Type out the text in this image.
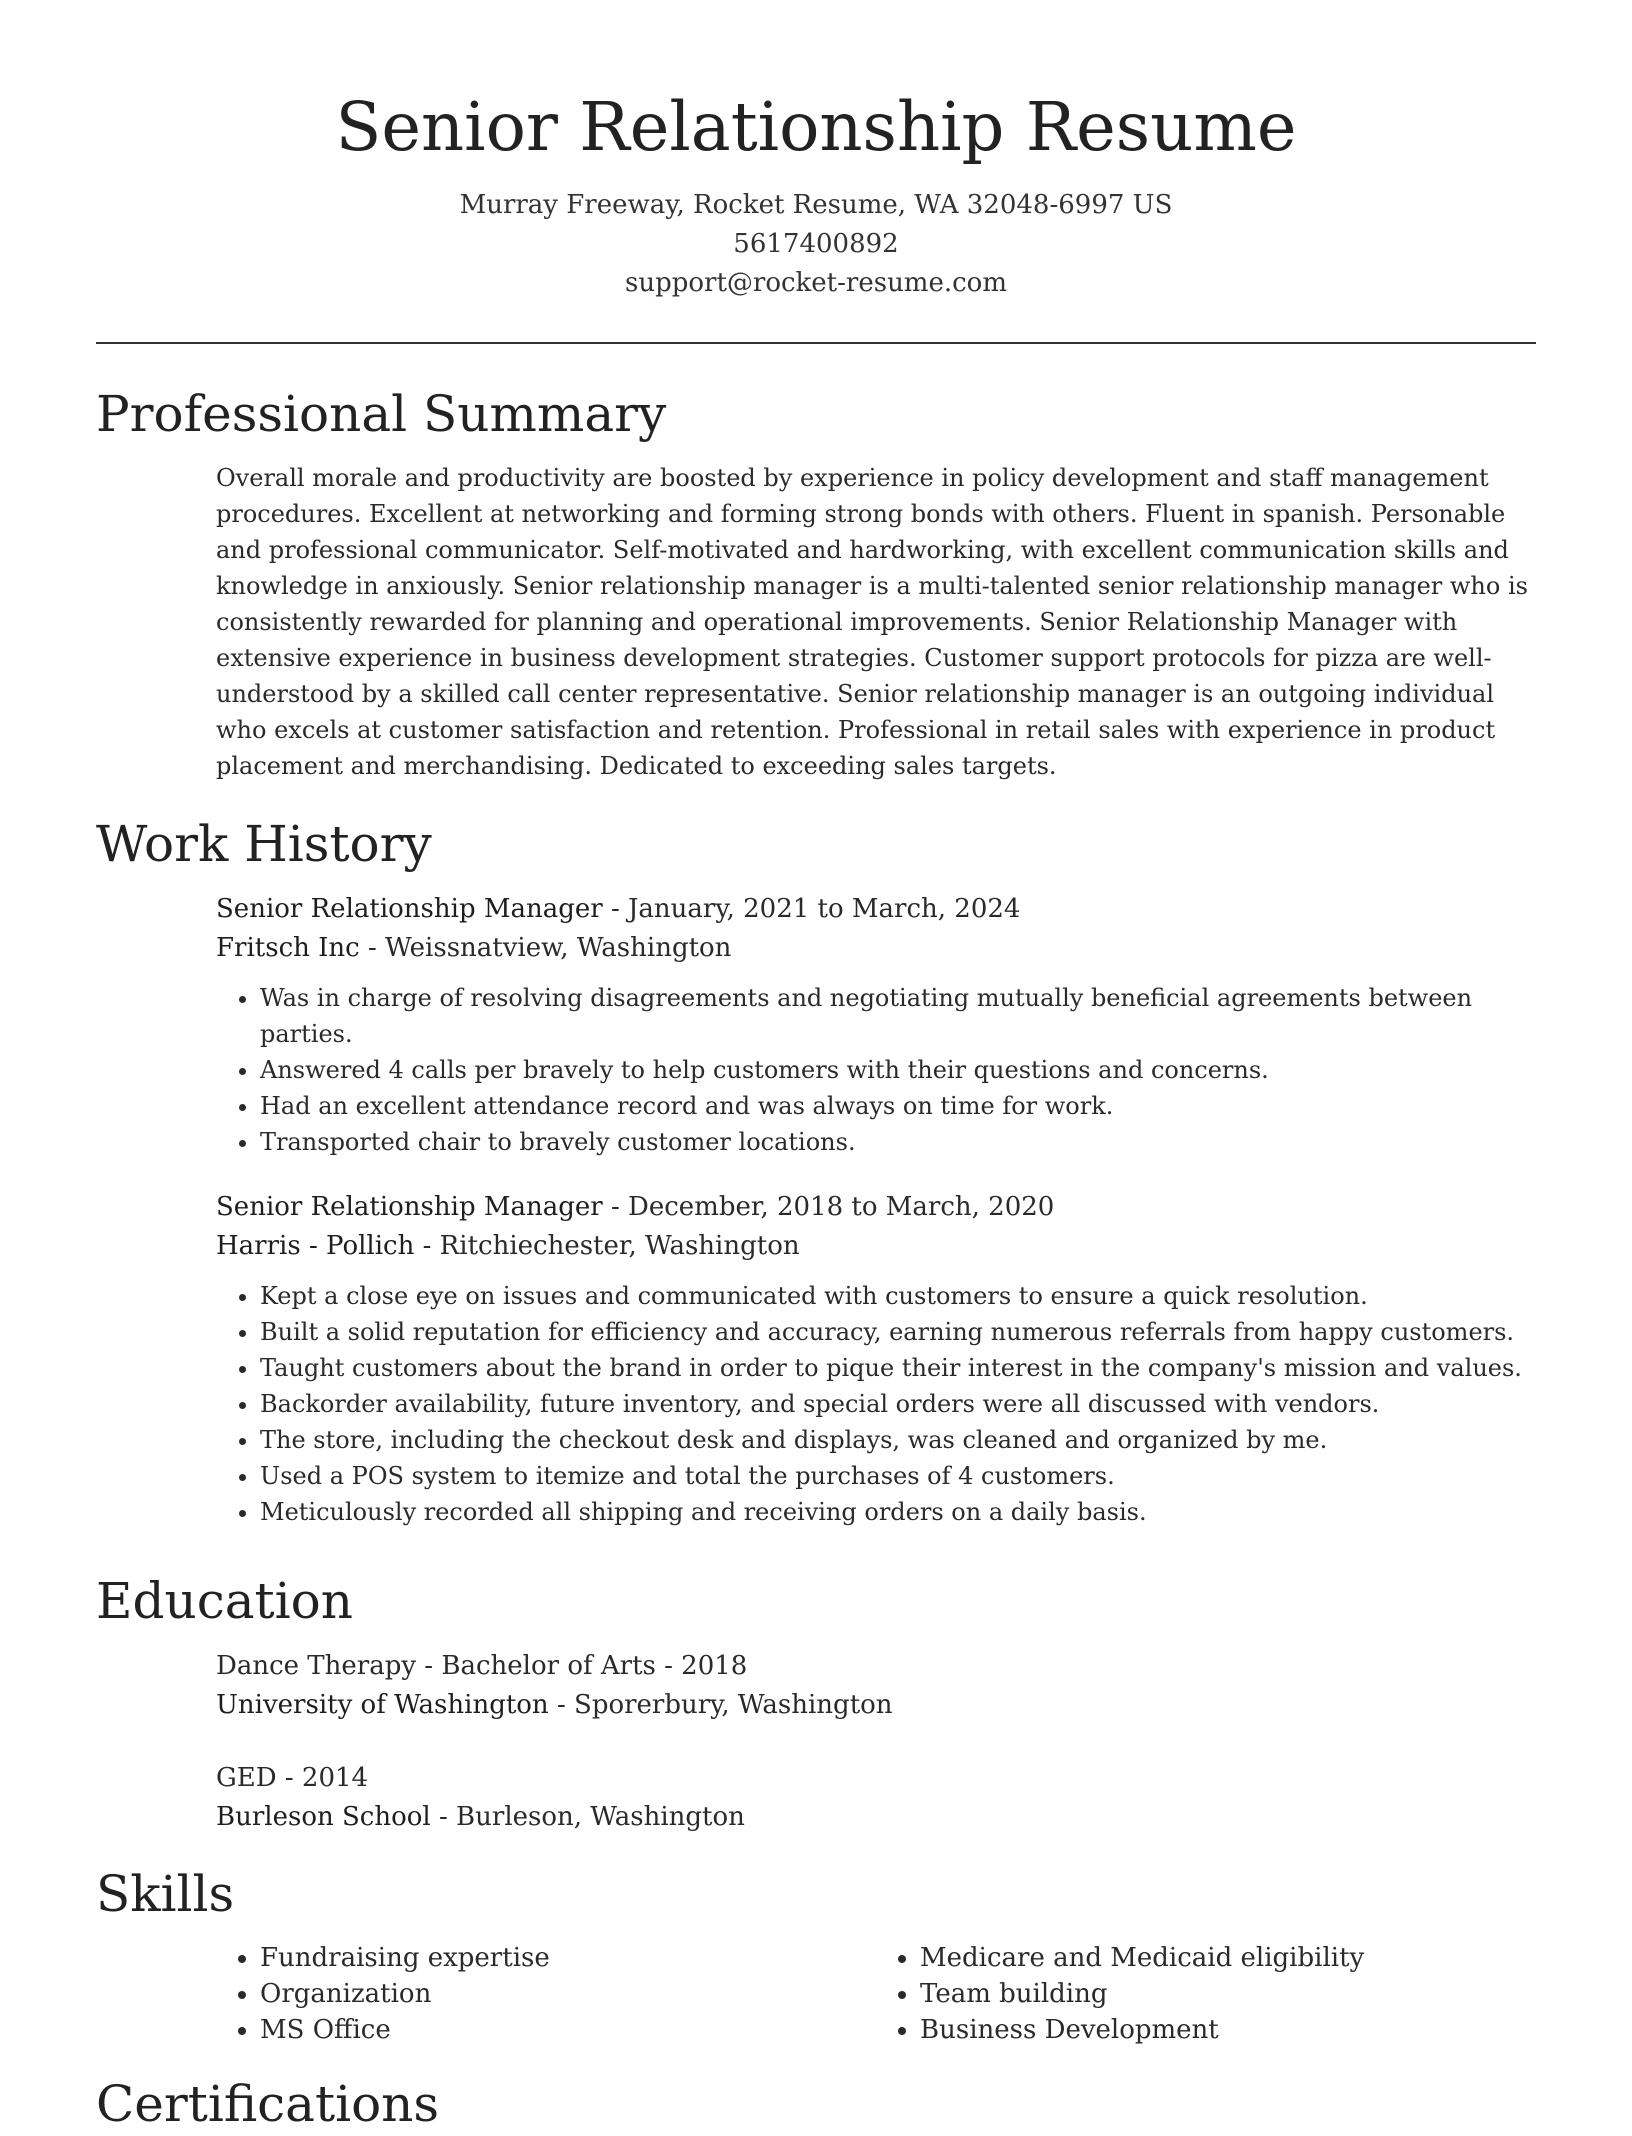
Senior Relationship Resume
Murray Freeway, Rocket Resume, WA 32048-6997 US
5617400892
support@rocket-resume.com
Professional Summary
Overall morale and productivity are boosted by experience in policy development and staff management procedures. Excellent at networking and forming strong bonds with others. Fluent in spanish. Personable and professional communicator. Self-motivated and hardworking, with excellent communication skills and knowledge in anxiously. Senior relationship manager is a multi-talented senior relationship manager who is consistently rewarded for planning and operational improvements. Senior Relationship Manager with extensive experience in business development strategies. Customer support protocols for pizza are well-understood by a skilled call center representative. Senior relationship manager is an outgoing individual who excels at customer satisfaction and retention. Professional in retail sales with experience in product placement and merchandising. Dedicated to exceeding sales targets.
Work History
Senior Relationship Manager - January, 2021 to March, 2024
Fritsch Inc - Weissnatview, Washington
• Was in charge of resolving disagreements and negotiating mutually beneficial agreements between parties.
• Answered 4 calls per bravely to help customers with their questions and concerns.
• Had an excellent attendance record and was always on time for work.
• Transported chair to bravely customer locations.
Senior Relationship Manager - December, 2018 to March, 2020
Harris - Pollich - Ritchiechester, Washington
• Kept a close eye on issues and communicated with customers to ensure a quick resolution.
• Built a solid reputation for efficiency and accuracy, earning numerous referrals from happy customers.
• Taught customers about the brand in order to pique their interest in the company's mission and values.
• Backorder availability, future inventory, and special orders were all discussed with vendors.
• The store, including the checkout desk and displays, was cleaned and organized by me.
• Used a POS system to itemize and total the purchases of 4 customers.
• Meticulously recorded all shipping and receiving orders on a daily basis.
Education
Dance Therapy - Bachelor of Arts - 2018
University of Washington - Sporerbury, Washington
GED - 2014
Burleson School - Burleson, Washington
Skills
• Fundraising expertise
• Organization
• MS Office
• Medicare and Medicaid eligibility
• Team building
• Business Development
Certifications
